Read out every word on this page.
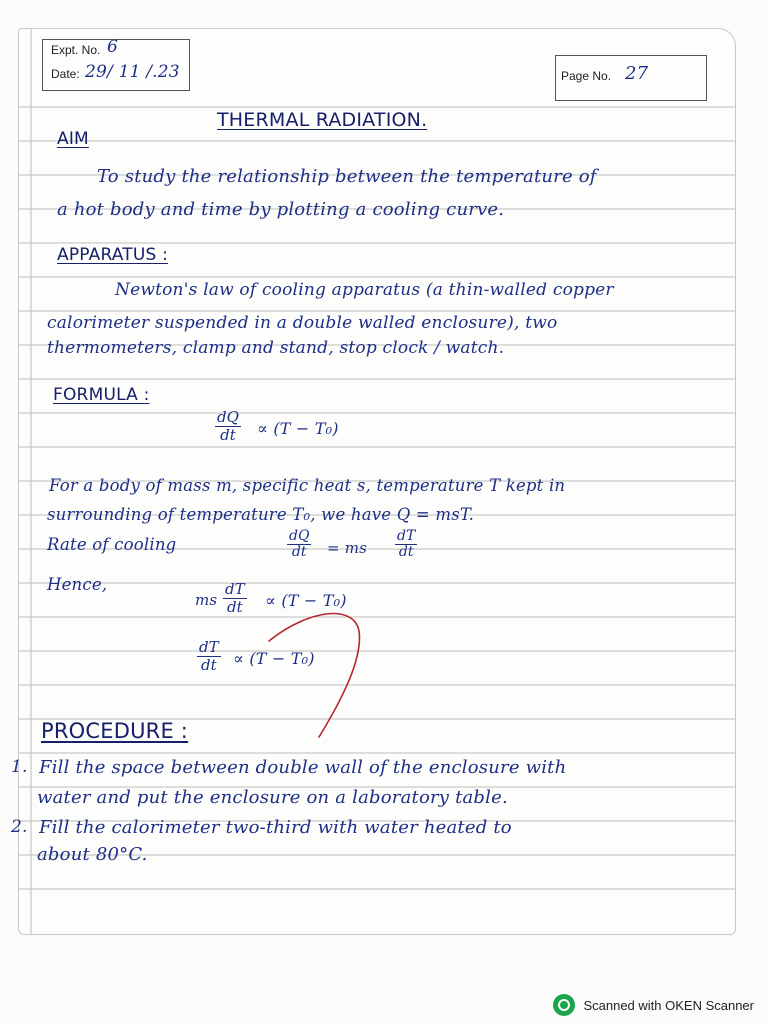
Expt. No. 6
Date: 29/ 11 /.23	Page No. 27
THERMAL RADIATION.
AIM
To study the relationship between the temperature of
a hot body and time by plotting a cooling curve.
APPARATUS :
Newton's law of cooling apparatus (a thin-walled copper
calorimeter suspended in a double walled enclosure), two
thermometers, clamp and stand, stop clock / watch.
FORMULA :
$\frac{dQ}{dt} \propto (T - T_0)$
For a body of mass m, specific heat s, temperature T kept in
surrounding of temperature T₀, we have Q = msT.
Rate of cooling	$\frac{dQ}{dt}$ = ms $\frac{dT}{dt}$
Hence,
ms $\frac{dT}{dt} \propto (T - T_0)$
$\frac{dT}{dt} \propto (T - T_0)$
PROCEDURE :
1. Fill the space between double wall of the enclosure with
water and put the enclosure on a laboratory table.
2. Fill the calorimeter two-third with water heated to
about 80°C.
Scanned with OKEN Scanner
